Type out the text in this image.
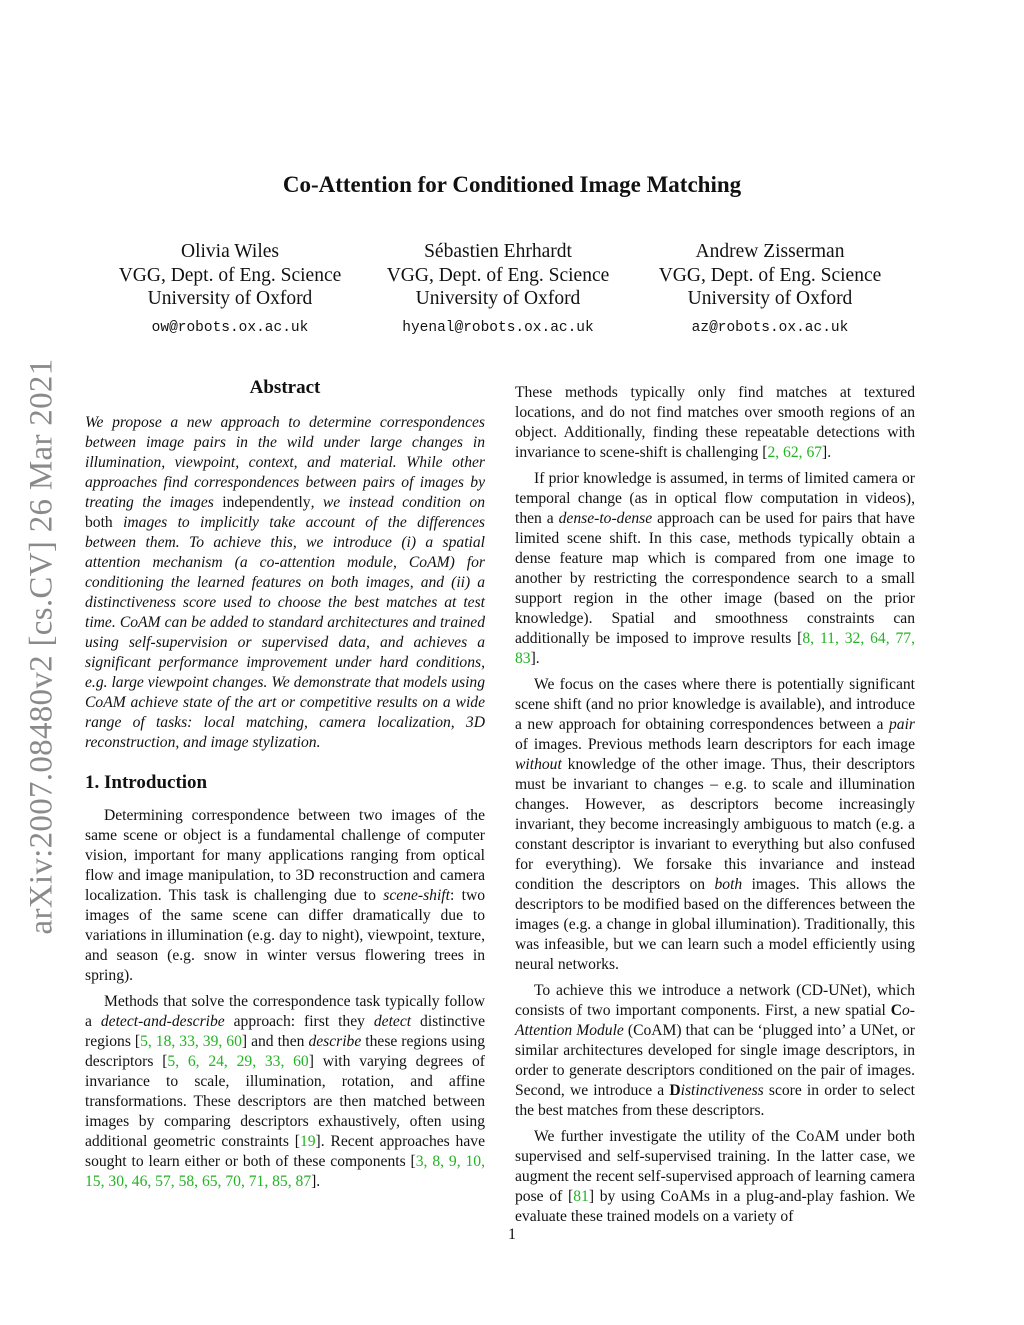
arXiv:2007.08480v2 [cs.CV] 26 Mar 2021
Co-Attention for Conditioned Image Matching
Olivia Wiles
VGG, Dept. of Eng. Science
University of Oxford
ow@robots.ox.ac.uk
Sébastien Ehrhardt
VGG, Dept. of Eng. Science
University of Oxford
hyenal@robots.ox.ac.uk
Andrew Zisserman
VGG, Dept. of Eng. Science
University of Oxford
az@robots.ox.ac.uk
Abstract

We propose a new approach to determine correspondences between image pairs in the wild under large changes in illumination, viewpoint, context, and material. While other approaches find correspondences between pairs of images by treating the images independently, we instead condition on both images to implicitly take account of the differences between them. To achieve this, we introduce (i) a spatial attention mechanism (a co-attention module, CoAM) for conditioning the learned features on both images, and (ii) a distinctiveness score used to choose the best matches at test time. CoAM can be added to standard architectures and trained using self-supervision or supervised data, and achieves a significant performance improvement under hard conditions, e.g. large viewpoint changes. We demonstrate that models using CoAM achieve state of the art or competitive results on a wide range of tasks: local matching, camera localization, 3D reconstruction, and image stylization.

1. Introduction

Determining correspondence between two images of the same scene or object is a fundamental challenge of computer vision, important for many applications ranging from optical flow and image manipulation, to 3D reconstruction and camera localization. This task is challenging due to scene-shift: two images of the same scene can differ dramatically due to variations in illumination (e.g. day to night), viewpoint, texture, and season (e.g. snow in winter versus flowering trees in spring).

Methods that solve the correspondence task typically follow a detect-and-describe approach: first they detect distinctive regions [5, 18, 33, 39, 60] and then describe these regions using descriptors [5, 6, 24, 29, 33, 60] with varying degrees of invariance to scale, illumination, rotation, and affine transformations. These descriptors are then matched between images by comparing descriptors exhaustively, often using additional geometric constraints [19]. Recent approaches have sought to learn either or both of these components [3, 8, 9, 10, 15, 30, 46, 57, 58, 65, 70, 71, 85, 87].

These methods typically only find matches at textured locations, and do not find matches over smooth regions of an object. Additionally, finding these repeatable detections with invariance to scene-shift is challenging [2, 62, 67].

If prior knowledge is assumed, in terms of limited camera or temporal change (as in optical flow computation in videos), then a dense-to-dense approach can be used for pairs that have limited scene shift. In this case, methods typically obtain a dense feature map which is compared from one image to another by restricting the correspondence search to a small support region in the other image (based on the prior knowledge). Spatial and smoothness constraints can additionally be imposed to improve results [8, 11, 32, 64, 77, 83].

We focus on the cases where there is potentially significant scene shift (and no prior knowledge is available), and introduce a new approach for obtaining correspondences between a pair of images. Previous methods learn descriptors for each image without knowledge of the other image. Thus, their descriptors must be invariant to changes – e.g. to scale and illumination changes. However, as descriptors become increasingly invariant, they become increasingly ambiguous to match (e.g. a constant descriptor is invariant to everything but also confused for everything). We forsake this invariance and instead condition the descriptors on both images. This allows the descriptors to be modified based on the differences between the images (e.g. a change in global illumination). Traditionally, this was infeasible, but we can learn such a model efficiently using neural networks.

To achieve this we introduce a network (CD-UNet), which consists of two important components. First, a new spatial Co-Attention Module (CoAM) that can be ‘plugged into’ a UNet, or similar architectures developed for single image descriptors, in order to generate descriptors conditioned on the pair of images. Second, we introduce a Distinctiveness score in order to select the best matches from these descriptors.

We further investigate the utility of the CoAM under both supervised and self-supervised training. In the latter case, we augment the recent self-supervised approach of learning camera pose of [81] by using CoAMs in a plug-and-play fashion. We evaluate these trained models on a variety of

1
